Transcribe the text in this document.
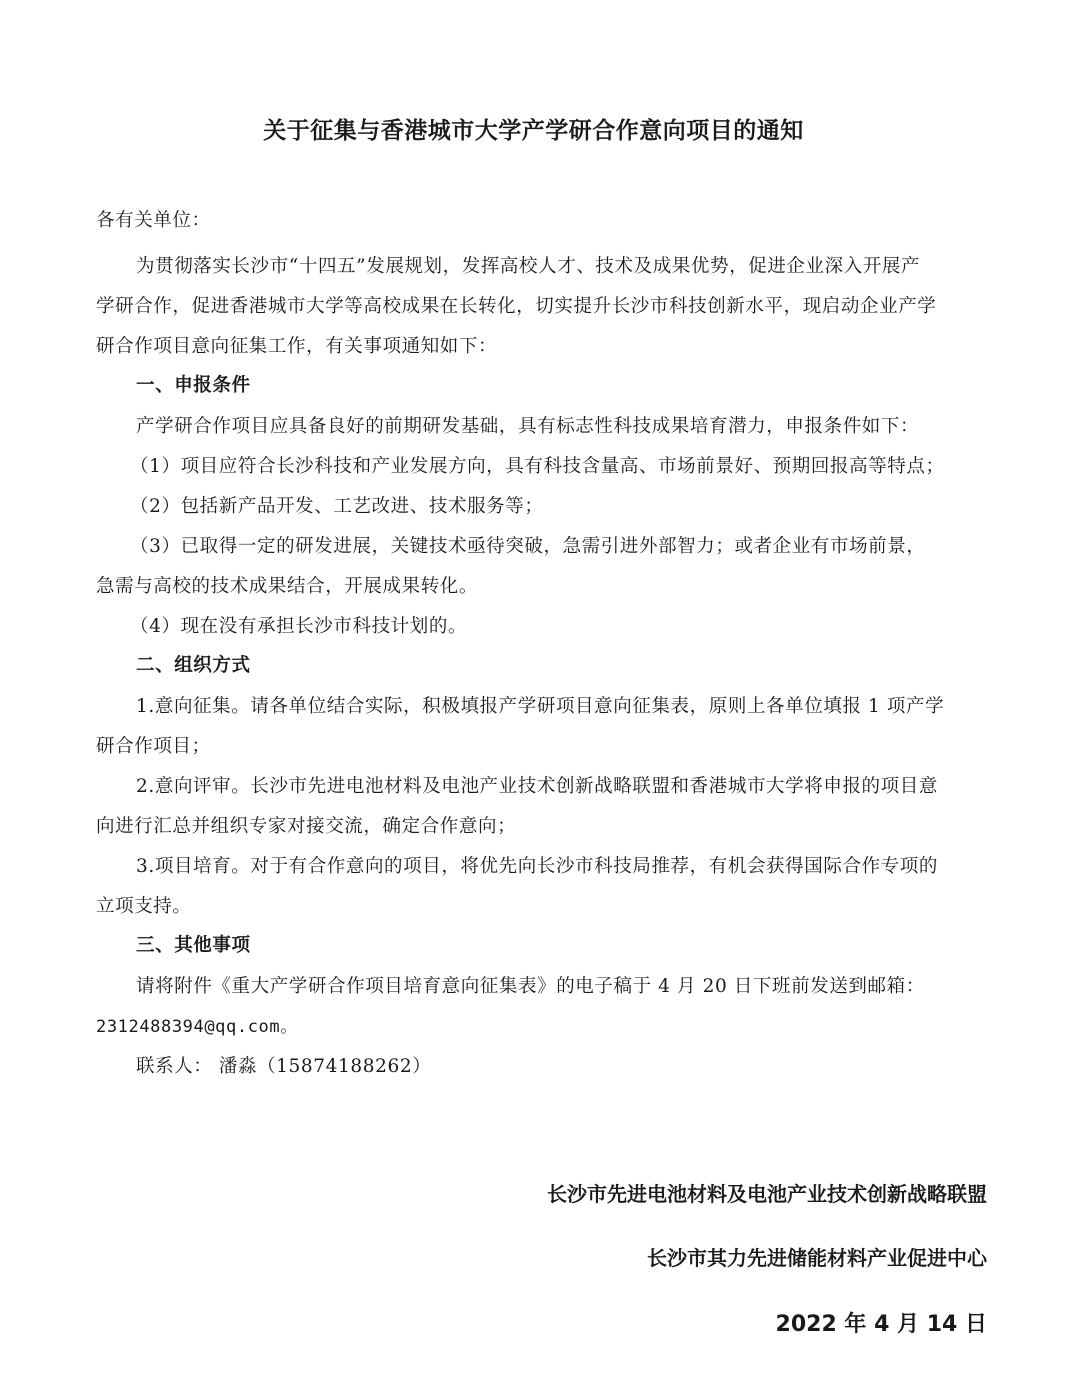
关于征集与香港城市大学产学研合作意向项目的通知
各有关单位：
为贯彻落实长沙市“十四五”发展规划，发挥高校人才、技术及成果优势，促进企业深入开展产
学研合作，促进香港城市大学等高校成果在长转化，切实提升长沙市科技创新水平，现启动企业产学
研合作项目意向征集工作，有关事项通知如下：
一、申报条件
产学研合作项目应具备良好的前期研发基础，具有标志性科技成果培育潜力，申报条件如下：
（1）项目应符合长沙科技和产业发展方向，具有科技含量高、市场前景好、预期回报高等特点；
（2）包括新产品开发、工艺改进、技术服务等；
（3）已取得一定的研发进展，关键技术亟待突破，急需引进外部智力；或者企业有市场前景，
急需与高校的技术成果结合，开展成果转化。
（4）现在没有承担长沙市科技计划的。
二、组织方式
1.意向征集。请各单位结合实际，积极填报产学研项目意向征集表，原则上各单位填报 1 项产学
研合作项目；
2.意向评审。长沙市先进电池材料及电池产业技术创新战略联盟和香港城市大学将申报的项目意
向进行汇总并组织专家对接交流，确定合作意向；
3.项目培育。对于有合作意向的项目，将优先向长沙市科技局推荐，有机会获得国际合作专项的
立项支持。
三、其他事项
请将附件《重大产学研合作项目培育意向征集表》的电子稿于 4 月 20 日下班前发送到邮箱：
2312488394@qq.com。
联系人： 潘淼（15874188262）
长沙市先进电池材料及电池产业技术创新战略联盟
长沙市其力先进储能材料产业促进中心
2022 年 4 月 14 日
